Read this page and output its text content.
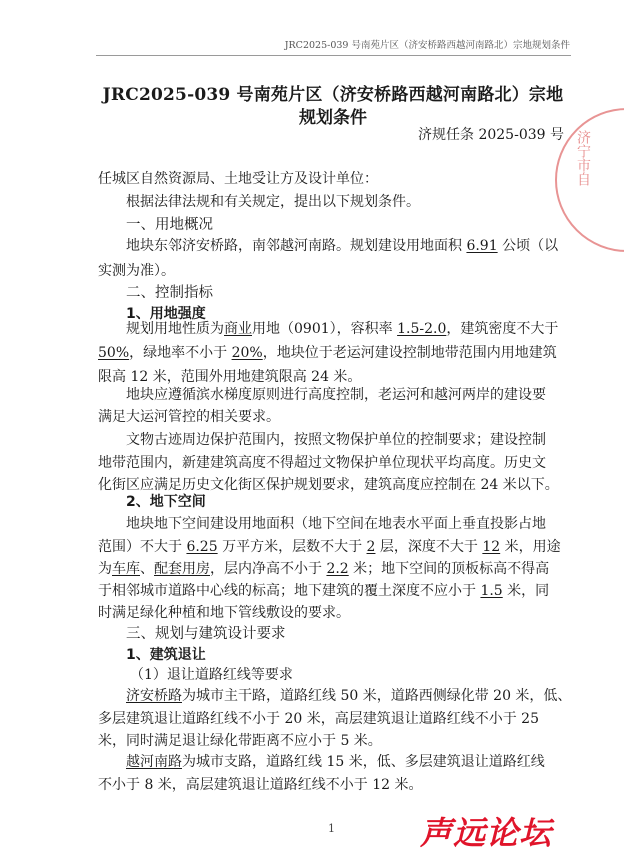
JRC2025-039 号南苑片区（济安桥路西越河南路北）宗地规划条件
JRC2025-039 号南苑片区（济安桥路西越河南路北）宗地
规划条件
济规任条 2025-039 号 济宁市自
任城区自然资源局、土地受让方及设计单位：
根据法律法规和有关规定，提出以下规划条件。
一、用地概况
地块东邻济安桥路，南邻越河南路。规划建设用地面积 6.91 公顷（以
实测为准）。
二、控制指标
1、用地强度
规划用地性质为商业用地（0901），容积率 1.5-2.0，建筑密度不大于
50%，绿地率不小于 20%，地块位于老运河建设控制地带范围内用地建筑
限高 12 米，范围外用地建筑限高 24 米。
地块应遵循滨水梯度原则进行高度控制，老运河和越河两岸的建设要
满足大运河管控的相关要求。
文物古迹周边保护范围内，按照文物保护单位的控制要求；建设控制
地带范围内，新建建筑高度不得超过文物保护单位现状平均高度。历史文
化街区应满足历史文化街区保护规划要求，建筑高度应控制在 24 米以下。
2、地下空间
地块地下空间建设用地面积（地下空间在地表水平面上垂直投影占地
范围）不大于 6.25 万平方米，层数不大于 2 层，深度不大于 12 米，用途
为车库、配套用房，层内净高不小于 2.2 米；地下空间的顶板标高不得高
于相邻城市道路中心线的标高；地下建筑的覆土深度不应小于 1.5 米，同
时满足绿化种植和地下管线敷设的要求。
三、规划与建筑设计要求
1、建筑退让
（1）退让道路红线等要求
济安桥路为城市主干路，道路红线 50 米，道路西侧绿化带 20 米，低、
多层建筑退让道路红线不小于 20 米，高层建筑退让道路红线不小于 25
米，同时满足退让绿化带距离不应小于 5 米。
越河南路为城市支路，道路红线 15 米，低、多层建筑退让道路红线
不小于 8 米，高层建筑退让道路红线不小于 12 米。
1	声远论坛
